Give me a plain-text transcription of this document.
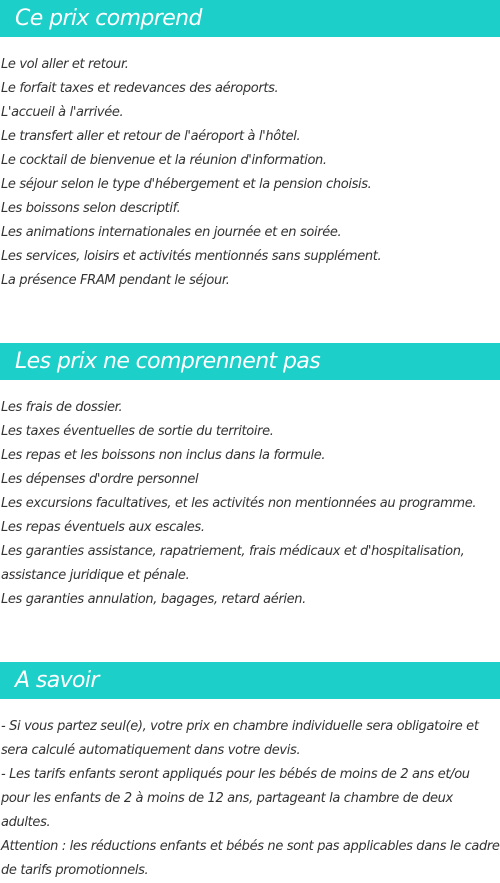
Ce prix comprend
Le vol aller et retour.
Le forfait taxes et redevances des aéroports.
L'accueil à l'arrivée.
Le transfert aller et retour de l'aéroport à l'hôtel.
Le cocktail de bienvenue et la réunion d'information.
Le séjour selon le type d'hébergement et la pension choisis.
Les boissons selon descriptif.
Les animations internationales en journée et en soirée.
Les services, loisirs et activités mentionnés sans supplément.
La présence FRAM pendant le séjour.
Les prix ne comprennent pas
Les frais de dossier.
Les taxes éventuelles de sortie du territoire.
Les repas et les boissons non inclus dans la formule.
Les dépenses d'ordre personnel
Les excursions facultatives, et les activités non mentionnées au programme.
Les repas éventuels aux escales.
Les garanties assistance, rapatriement, frais médicaux et d'hospitalisation, assistance juridique et pénale.
Les garanties annulation, bagages, retard aérien.
A savoir
- Si vous partez seul(e), votre prix en chambre individuelle sera obligatoire et sera calculé automatiquement dans votre devis.
- Les tarifs enfants seront appliqués pour les bébés de moins de 2 ans et/ou pour les enfants de 2 à moins de 12 ans, partageant la chambre de deux adultes.
Attention : les réductions enfants et bébés ne sont pas applicables dans le cadre de tarifs promotionnels.
